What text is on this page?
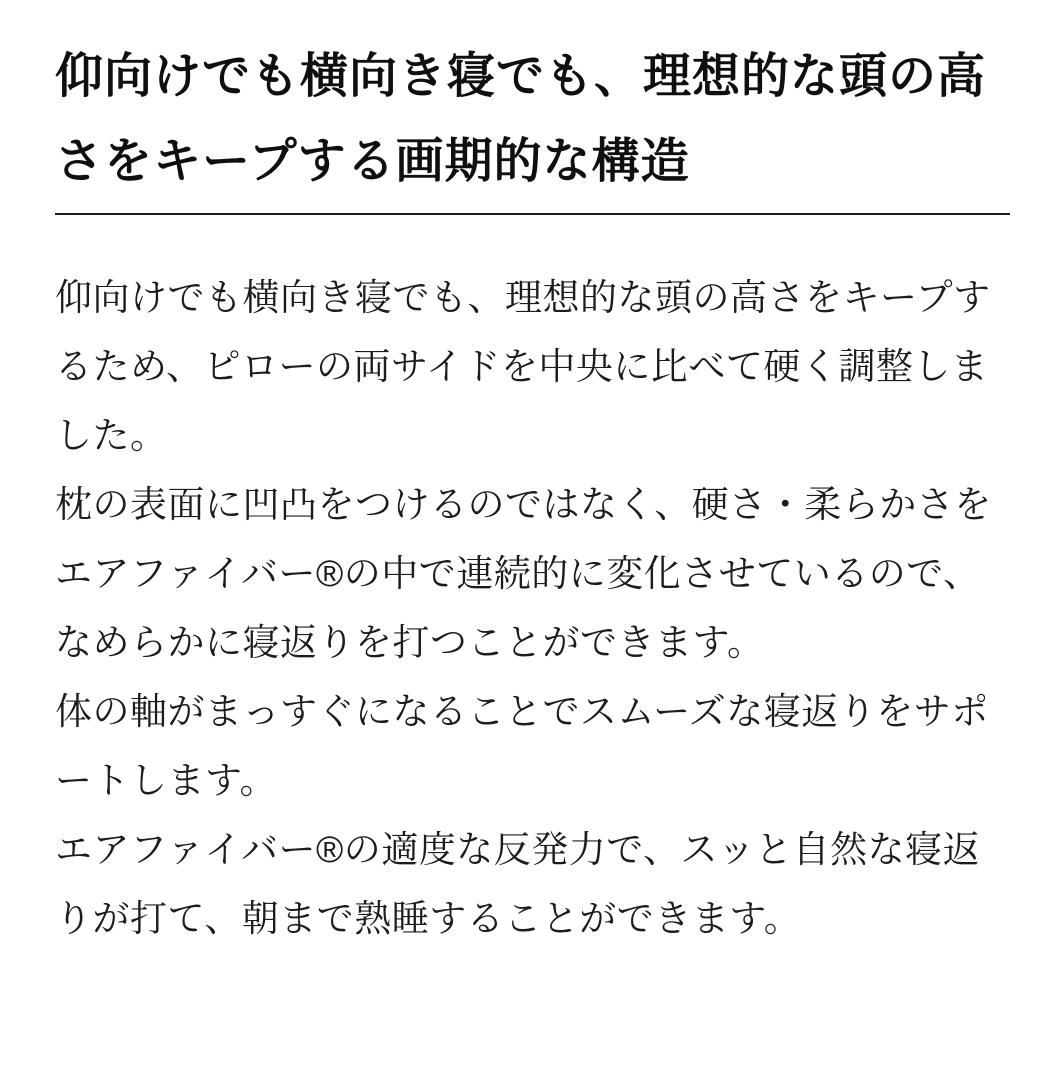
仰向けでも横向き寝でも、理想的な頭の高さをキープする画期的な構造

仰向けでも横向き寝でも、理想的な頭の高さをキープするため、ピローの両サイドを中央に比べて硬く調整しました。

枕の表面に凹凸をつけるのではなく、硬さ・柔らかさをエアファイバー®の中で連続的に変化させているので、なめらかに寝返りを打つことができます。

体の軸がまっすぐになることでスムーズな寝返りをサポートします。

エアファイバー®の適度な反発力で、スッと自然な寝返りが打て、朝まで熟睡することができます。
